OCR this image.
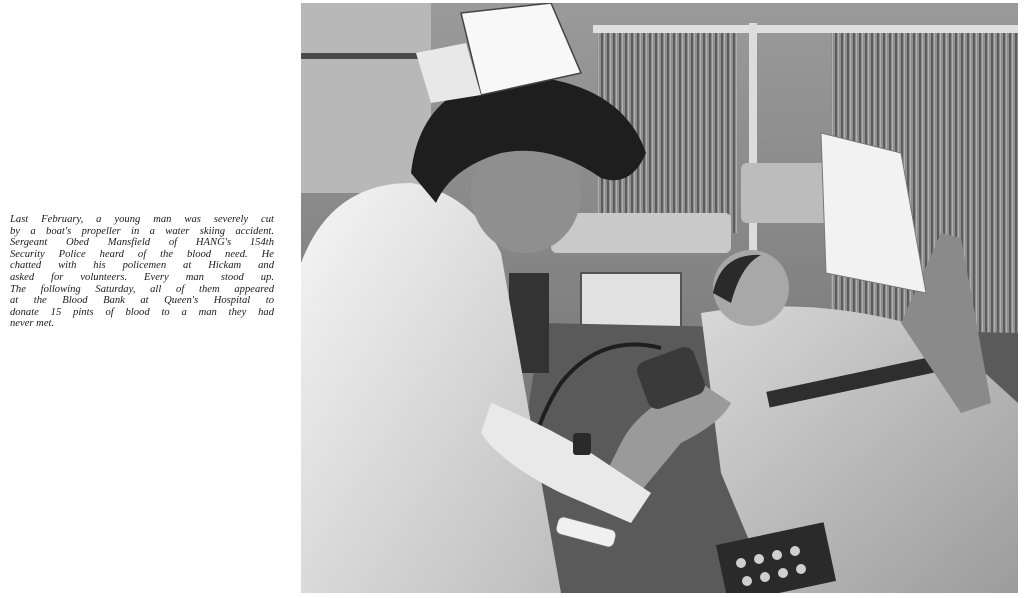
Last February, a young man was severely cut
by a boat's propeller in a water skiing accident.
Sergeant Obed Mansfield of HANG's 154th
Security Police heard of the blood need. He
chatted with his policemen at Hickam and
asked for volunteers. Every man stood up.
The following Saturday, all of them appeared
at the Blood Bank at Queen's Hospital to
donate 15 pints of blood to a man they had
never met.
